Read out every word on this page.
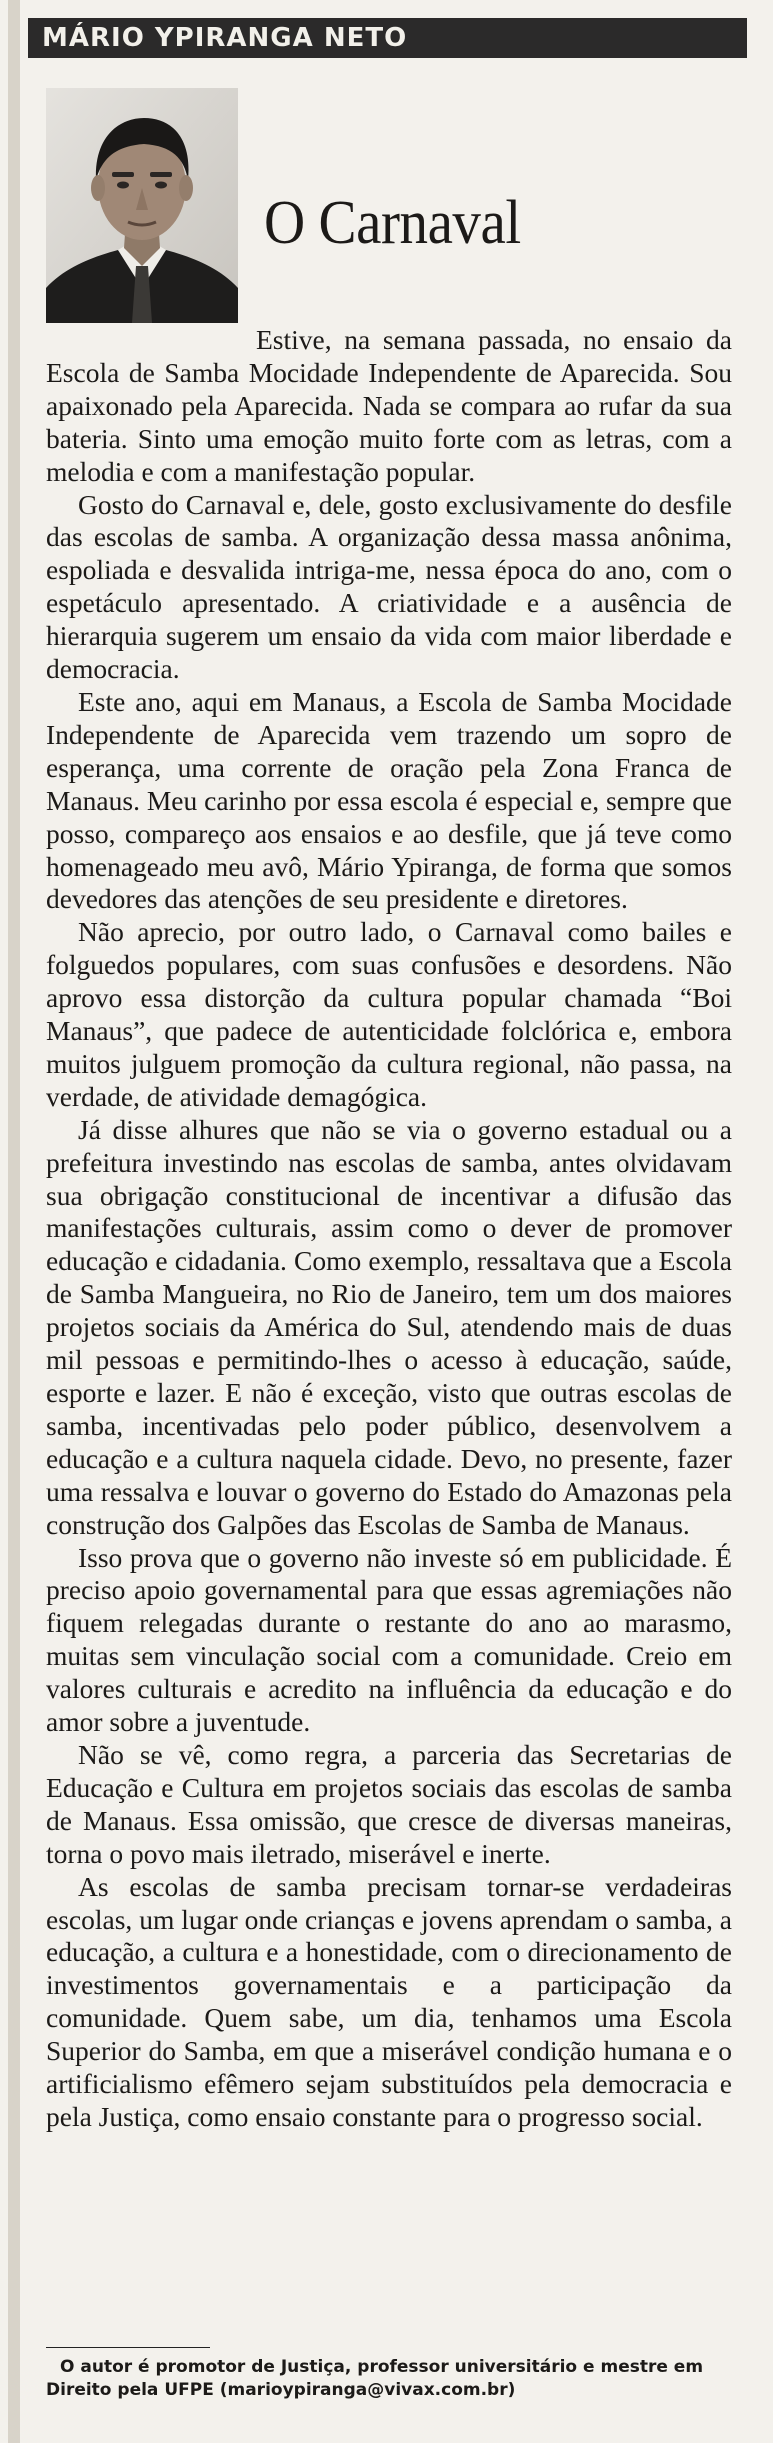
MÁRIO YPIRANGA NETO
O Carnaval

Estive, na semana passada, no ensaio da Escola de Samba Mocidade Independente de Aparecida. Sou apaixonado pela Aparecida. Nada se compara ao rufar da sua bateria. Sinto uma emoção muito forte com as letras, com a melodia e com a manifestação popular.

Gosto do Carnaval e, dele, gosto exclusivamente do desfile das escolas de samba. A organização dessa massa anônima, espoliada e desvalida intriga-me, nessa época do ano, com o espetáculo apresentado. A criatividade e a ausência de hierarquia sugerem um ensaio da vida com maior liberdade e democracia.

Este ano, aqui em Manaus, a Escola de Samba Mocidade Independente de Aparecida vem trazendo um sopro de esperança, uma corrente de oração pela Zona Franca de Manaus. Meu carinho por essa escola é especial e, sempre que posso, compareço aos ensaios e ao desfile, que já teve como homenageado meu avô, Mário Ypiranga, de forma que somos devedores das atenções de seu presidente e diretores.

Não aprecio, por outro lado, o Carnaval como bailes e folguedos populares, com suas confusões e desordens. Não aprovo essa distorção da cultura popular chamada “Boi Manaus”, que padece de autenticidade folclórica e, embora muitos julguem promoção da cultura regional, não passa, na verdade, de atividade demagógica.

Já disse alhures que não se via o governo estadual ou a prefeitura investindo nas escolas de samba, antes olvidavam sua obrigação constitucional de incentivar a difusão das manifestações culturais, assim como o dever de promover educação e cidadania. Como exemplo, ressaltava que a Escola de Samba Mangueira, no Rio de Janeiro, tem um dos maiores projetos sociais da América do Sul, atendendo mais de duas mil pessoas e permitindo-lhes o acesso à educação, saúde, esporte e lazer. E não é exceção, visto que outras escolas de samba, incentivadas pelo poder público, desenvolvem a educação e a cultura naquela cidade. Devo, no presente, fazer uma ressalva e louvar o governo do Estado do Amazonas pela construção dos Galpões das Escolas de Samba de Manaus.

Isso prova que o governo não investe só em publicidade. É preciso apoio governamental para que essas agremiações não fiquem relegadas durante o restante do ano ao marasmo, muitas sem vinculação social com a comunidade. Creio em valores culturais e acredito na influência da educação e do amor sobre a juventude.

Não se vê, como regra, a parceria das Secretarias de Educação e Cultura em projetos sociais das escolas de samba de Manaus. Essa omissão, que cresce de diversas maneiras, torna o povo mais iletrado, miserável e inerte.

As escolas de samba precisam tornar-se verdadeiras escolas, um lugar onde crianças e jovens aprendam o samba, a educação, a cultura e a honestidade, com o direcionamento de investimentos governamentais e a participação da comunidade. Quem sabe, um dia, tenhamos uma Escola Superior do Samba, em que a miserável condição humana e o artificialismo efêmero sejam substituídos pela democracia e pela Justiça, como ensaio constante para o progresso social.

O autor é promotor de Justiça, professor universitário e mestre em Direito pela UFPE (marioypiranga@vivax.com.br)
